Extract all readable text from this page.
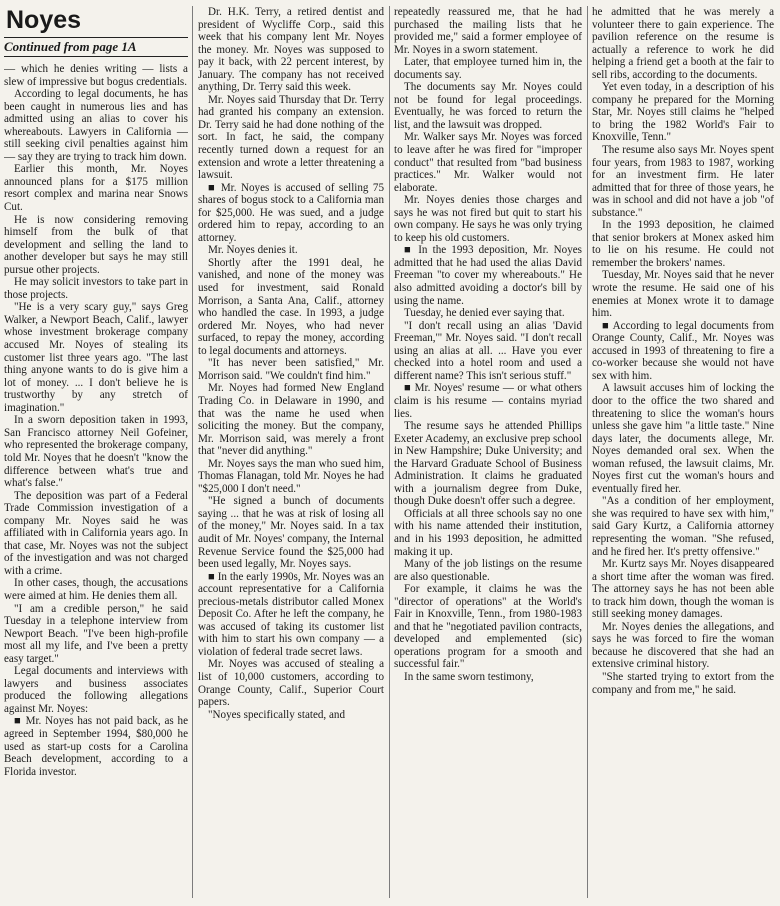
Noyes
Continued from page 1A

— which he denies writing — lists a slew of impressive but bogus credentials.

According to legal documents, he has been caught in numerous lies and has admitted using an alias to cover his whereabouts. Lawyers in California — still seeking civil penalties against him — say they are trying to track him down.

Earlier this month, Mr. Noyes announced plans for a $175 million resort complex and marina near Snows Cut.

He is now considering removing himself from the bulk of that development and selling the land to another developer but says he may still pursue other projects.

He may solicit investors to take part in those projects.

"He is a very scary guy," says Greg Walker, a Newport Beach, Calif., lawyer whose investment brokerage company accused Mr. Noyes of stealing its customer list three years ago. "The last thing anyone wants to do is give him a lot of money. ... I don't believe he is trustworthy by any stretch of imagination."

In a sworn deposition taken in 1993, San Francisco attorney Neil Gofeiner, who represented the brokerage company, told Mr. Noyes that he doesn't "know the difference between what's true and what's false."

The deposition was part of a Federal Trade Commission investigation of a company Mr. Noyes said he was affiliated with in California years ago. In that case, Mr. Noyes was not the subject of the investigation and was not charged with a crime.

In other cases, though, the accusations were aimed at him. He denies them all.

"I am a credible person," he said Tuesday in a telephone interview from Newport Beach. "I've been high-profile most all my life, and I've been a pretty easy target."

Legal documents and interviews with lawyers and business associates produced the following allegations against Mr. Noyes:

■ Mr. Noyes has not paid back, as he agreed in September 1994, $80,000 he used as start-up costs for a Carolina Beach development, according to a Florida investor.

Dr. H.K. Terry, a retired dentist and president of Wycliffe Corp., said this week that his company lent Mr. Noyes the money. Mr. Noyes was supposed to pay it back, with 22 percent interest, by January. The company has not received anything, Dr. Terry said this week.

Mr. Noyes said Thursday that Dr. Terry had granted his company an extension. Dr. Terry said he had done nothing of the sort. In fact, he said, the company recently turned down a request for an extension and wrote a letter threatening a lawsuit.

■ Mr. Noyes is accused of selling 75 shares of bogus stock to a California man for $25,000. He was sued, and a judge ordered him to repay, according to an attorney.

Mr. Noyes denies it.

Shortly after the 1991 deal, he vanished, and none of the money was used for investment, said Ronald Morrison, a Santa Ana, Calif., attorney who handled the case. In 1993, a judge ordered Mr. Noyes, who had never surfaced, to repay the money, according to legal documents and attorneys.

"It has never been satisfied," Mr. Morrison said. "We couldn't find him."

Mr. Noyes had formed New England Trading Co. in Delaware in 1990, and that was the name he used when soliciting the money. But the company, Mr. Morrison said, was merely a front that "never did anything."

Mr. Noyes says the man who sued him, Thomas Flanagan, told Mr. Noyes he had "$25,000 I don't need."

"He signed a bunch of documents saying ... that he was at risk of losing all of the money," Mr. Noyes said. In a tax audit of Mr. Noyes' company, the Internal Revenue Service found the $25,000 had been used legally, Mr. Noyes says.

■ In the early 1990s, Mr. Noyes was an account representative for a California precious-metals distributor called Monex Deposit Co. After he left the company, he was accused of taking its customer list with him to start his own company — a violation of federal trade secret laws.

Mr. Noyes was accused of stealing a list of 10,000 customers, according to Orange County, Calif., Superior Court papers.

"Noyes specifically stated, and

repeatedly reassured me, that he had purchased the mailing lists that he provided me," said a former employee of Mr. Noyes in a sworn statement.

Later, that employee turned him in, the documents say.

The documents say Mr. Noyes could not be found for legal proceedings. Eventually, he was forced to return the list, and the lawsuit was dropped.

Mr. Walker says Mr. Noyes was forced to leave after he was fired for "improper conduct" that resulted from "bad business practices." Mr. Walker would not elaborate.

Mr. Noyes denies those charges and says he was not fired but quit to start his own company. He says he was only trying to keep his old customers.

■ In the 1993 deposition, Mr. Noyes admitted that he had used the alias David Freeman "to cover my whereabouts." He also admitted avoiding a doctor's bill by using the name.

Tuesday, he denied ever saying that.

"I don't recall using an alias 'David Freeman,'" Mr. Noyes said. "I don't recall using an alias at all. ... Have you ever checked into a hotel room and used a different name? This isn't serious stuff."

■ Mr. Noyes' resume — or what others claim is his resume — contains myriad lies.

The resume says he attended Phillips Exeter Academy, an exclusive prep school in New Hampshire; Duke University; and the Harvard Graduate School of Business Administration. It claims he graduated with a journalism degree from Duke, though Duke doesn't offer such a degree.

Officials at all three schools say no one with his name attended their institution, and in his 1993 deposition, he admitted making it up.

Many of the job listings on the resume are also questionable.

For example, it claims he was the "director of operations" at the World's Fair in Knoxville, Tenn., from 1980-1983 and that he "negotiated pavilion contracts, developed and emplemented (sic) operations program for a smooth and successful fair."

In the same sworn testimony,

he admitted that he was merely a volunteer there to gain experience. The pavilion reference on the resume is actually a reference to work he did helping a friend get a booth at the fair to sell ribs, according to the documents.

Yet even today, in a description of his company he prepared for the Morning Star, Mr. Noyes still claims he "helped to bring the 1982 World's Fair to Knoxville, Tenn."

The resume also says Mr. Noyes spent four years, from 1983 to 1987, working for an investment firm. He later admitted that for three of those years, he was in school and did not have a job "of substance."

In the 1993 deposition, he claimed that senior brokers at Monex asked him to lie on his resume. He could not remember the brokers' names.

Tuesday, Mr. Noyes said that he never wrote the resume. He said one of his enemies at Monex wrote it to damage him.

■ According to legal documents from Orange County, Calif., Mr. Noyes was accused in 1993 of threatening to fire a co-worker because she would not have sex with him.

A lawsuit accuses him of locking the door to the office the two shared and threatening to slice the woman's hours unless she gave him "a little taste." Nine days later, the documents allege, Mr. Noyes demanded oral sex. When the woman refused, the lawsuit claims, Mr. Noyes first cut the woman's hours and eventually fired her.

"As a condition of her employment, she was required to have sex with him," said Gary Kurtz, a California attorney representing the woman. "She refused, and he fired her. It's pretty offensive."

Mr. Kurtz says Mr. Noyes disappeared a short time after the woman was fired. The attorney says he has not been able to track him down, though the woman is still seeking money damages.

Mr. Noyes denies the allegations, and says he was forced to fire the woman because he discovered that she had an extensive criminal history.

"She started trying to extort from the company and from me," he said.
